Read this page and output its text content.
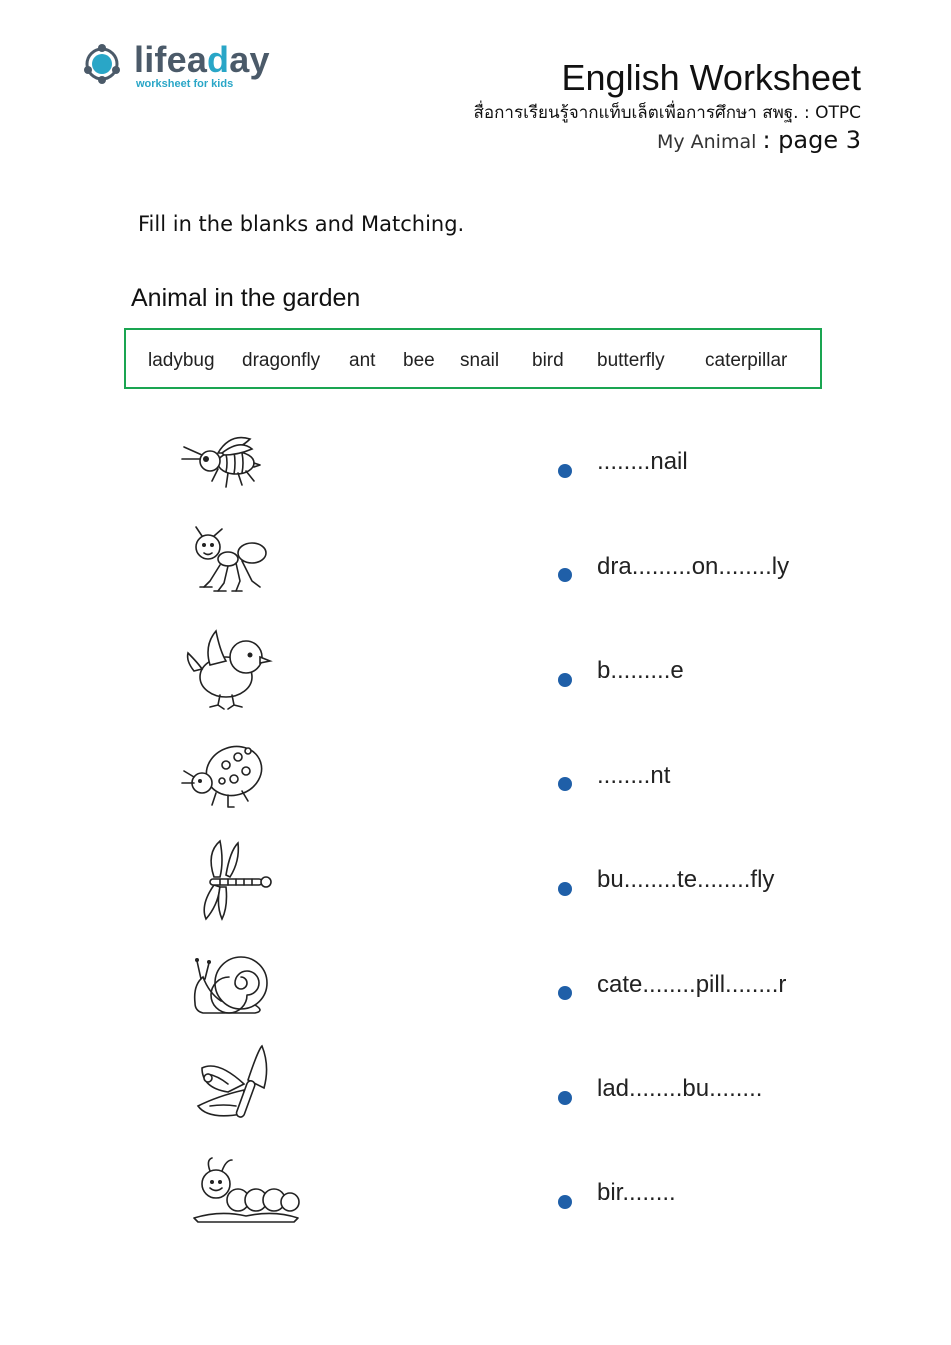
lifeaday
worksheet for kids	English Worksheet
สื่อการเรียนรู้จากแท็บเล็ตเพื่อการศึกษา สพฐ. : OTPC
My Animal : page 3
Fill in the blanks and Matching.
Animal in the garden
ladybug dragonfly ant bee snail bird butterfly caterpillar
........nail
dra.........on........ly
b.........e
........nt
bu........te........fly
cate........pill........r
lad........bu........
bir........
